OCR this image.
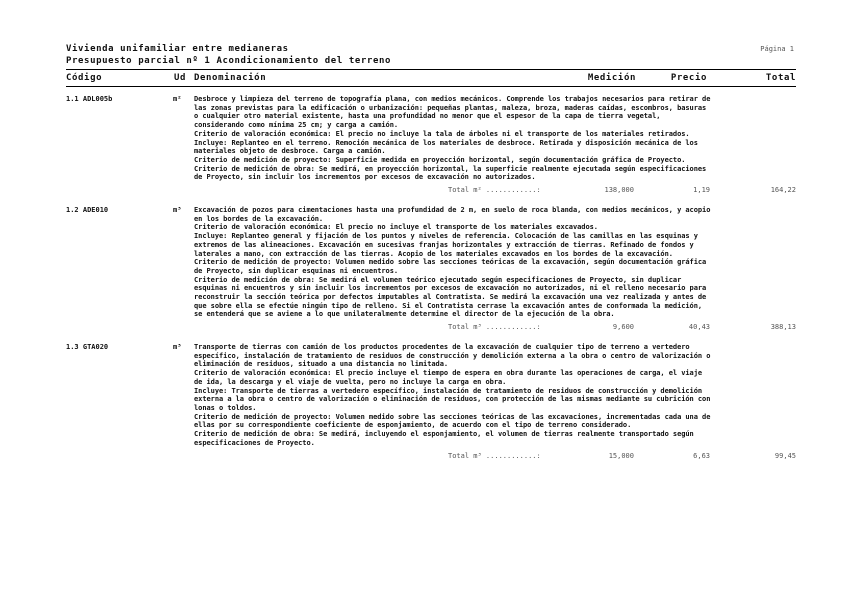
Vivienda unifamiliar entre medianeras
Presupuesto parcial nº 1 Acondicionamiento del terreno
Página 1
Código	Ud Denominación	Medición	Precio	Total
1.1 ADL005b	m² Desbroce y limpieza del terreno de topografía plana, con medios mecánicos. Comprende los trabajos necesarios para retirar de
las zonas previstas para la edificación o urbanización: pequeñas plantas, maleza, broza, maderas caídas, escombros, basuras
o cualquier otro material existente, hasta una profundidad no menor que el espesor de la capa de tierra vegetal,
considerando como mínima 25 cm; y carga a camión.
Criterio de valoración económica: El precio no incluye la tala de árboles ni el transporte de los materiales retirados.
Incluye: Replanteo en el terreno. Remoción mecánica de los materiales de desbroce. Retirada y disposición mecánica de los
materiales objeto de desbroce. Carga a camión.
Criterio de medición de proyecto: Superficie medida en proyección horizontal, según documentación gráfica de Proyecto.
Criterio de medición de obra: Se medirá, en proyección horizontal, la superficie realmente ejecutada según especificaciones
de Proyecto, sin incluir los incrementos por excesos de excavación no autorizados.
Total m² ............:	138,000	1,19	164,22
1.2 ADE010	m³ Excavación de pozos para cimentaciones hasta una profundidad de 2 m, en suelo de roca blanda, con medios mecánicos, y acopio
en los bordes de la excavación.
Criterio de valoración económica: El precio no incluye el transporte de los materiales excavados.
Incluye: Replanteo general y fijación de los puntos y niveles de referencia. Colocación de las camillas en las esquinas y
extremos de las alineaciones. Excavación en sucesivas franjas horizontales y extracción de tierras. Refinado de fondos y
laterales a mano, con extracción de las tierras. Acopio de los materiales excavados en los bordes de la excavación.
Criterio de medición de proyecto: Volumen medido sobre las secciones teóricas de la excavación, según documentación gráfica
de Proyecto, sin duplicar esquinas ni encuentros.
Criterio de medición de obra: Se medirá el volumen teórico ejecutado según especificaciones de Proyecto, sin duplicar
esquinas ni encuentros y sin incluir los incrementos por excesos de excavación no autorizados, ni el relleno necesario para
reconstruir la sección teórica por defectos imputables al Contratista. Se medirá la excavación una vez realizada y antes de
que sobre ella se efectúe ningún tipo de relleno. Si el Contratista cerrase la excavación antes de conformada la medición,
se entenderá que se aviene a lo que unilateralmente determine el director de la ejecución de la obra.
Total m³ ............:	9,600	40,43	388,13
1.3 GTA020	m³ Transporte de tierras con camión de los productos procedentes de la excavación de cualquier tipo de terreno a vertedero
específico, instalación de tratamiento de residuos de construcción y demolición externa a la obra o centro de valorización o
eliminación de residuos, situado a una distancia no limitada.
Criterio de valoración económica: El precio incluye el tiempo de espera en obra durante las operaciones de carga, el viaje
de ida, la descarga y el viaje de vuelta, pero no incluye la carga en obra.
Incluye: Transporte de tierras a vertedero específico, instalación de tratamiento de residuos de construcción y demolición
externa a la obra o centro de valorización o eliminación de residuos, con protección de las mismas mediante su cubrición con
lonas o toldos.
Criterio de medición de proyecto: Volumen medido sobre las secciones teóricas de las excavaciones, incrementadas cada una de
ellas por su correspondiente coeficiente de esponjamiento, de acuerdo con el tipo de terreno considerado.
Criterio de medición de obra: Se medirá, incluyendo el esponjamiento, el volumen de tierras realmente transportado según
especificaciones de Proyecto.
Total m³ ............:	15,000	6,63	99,45
